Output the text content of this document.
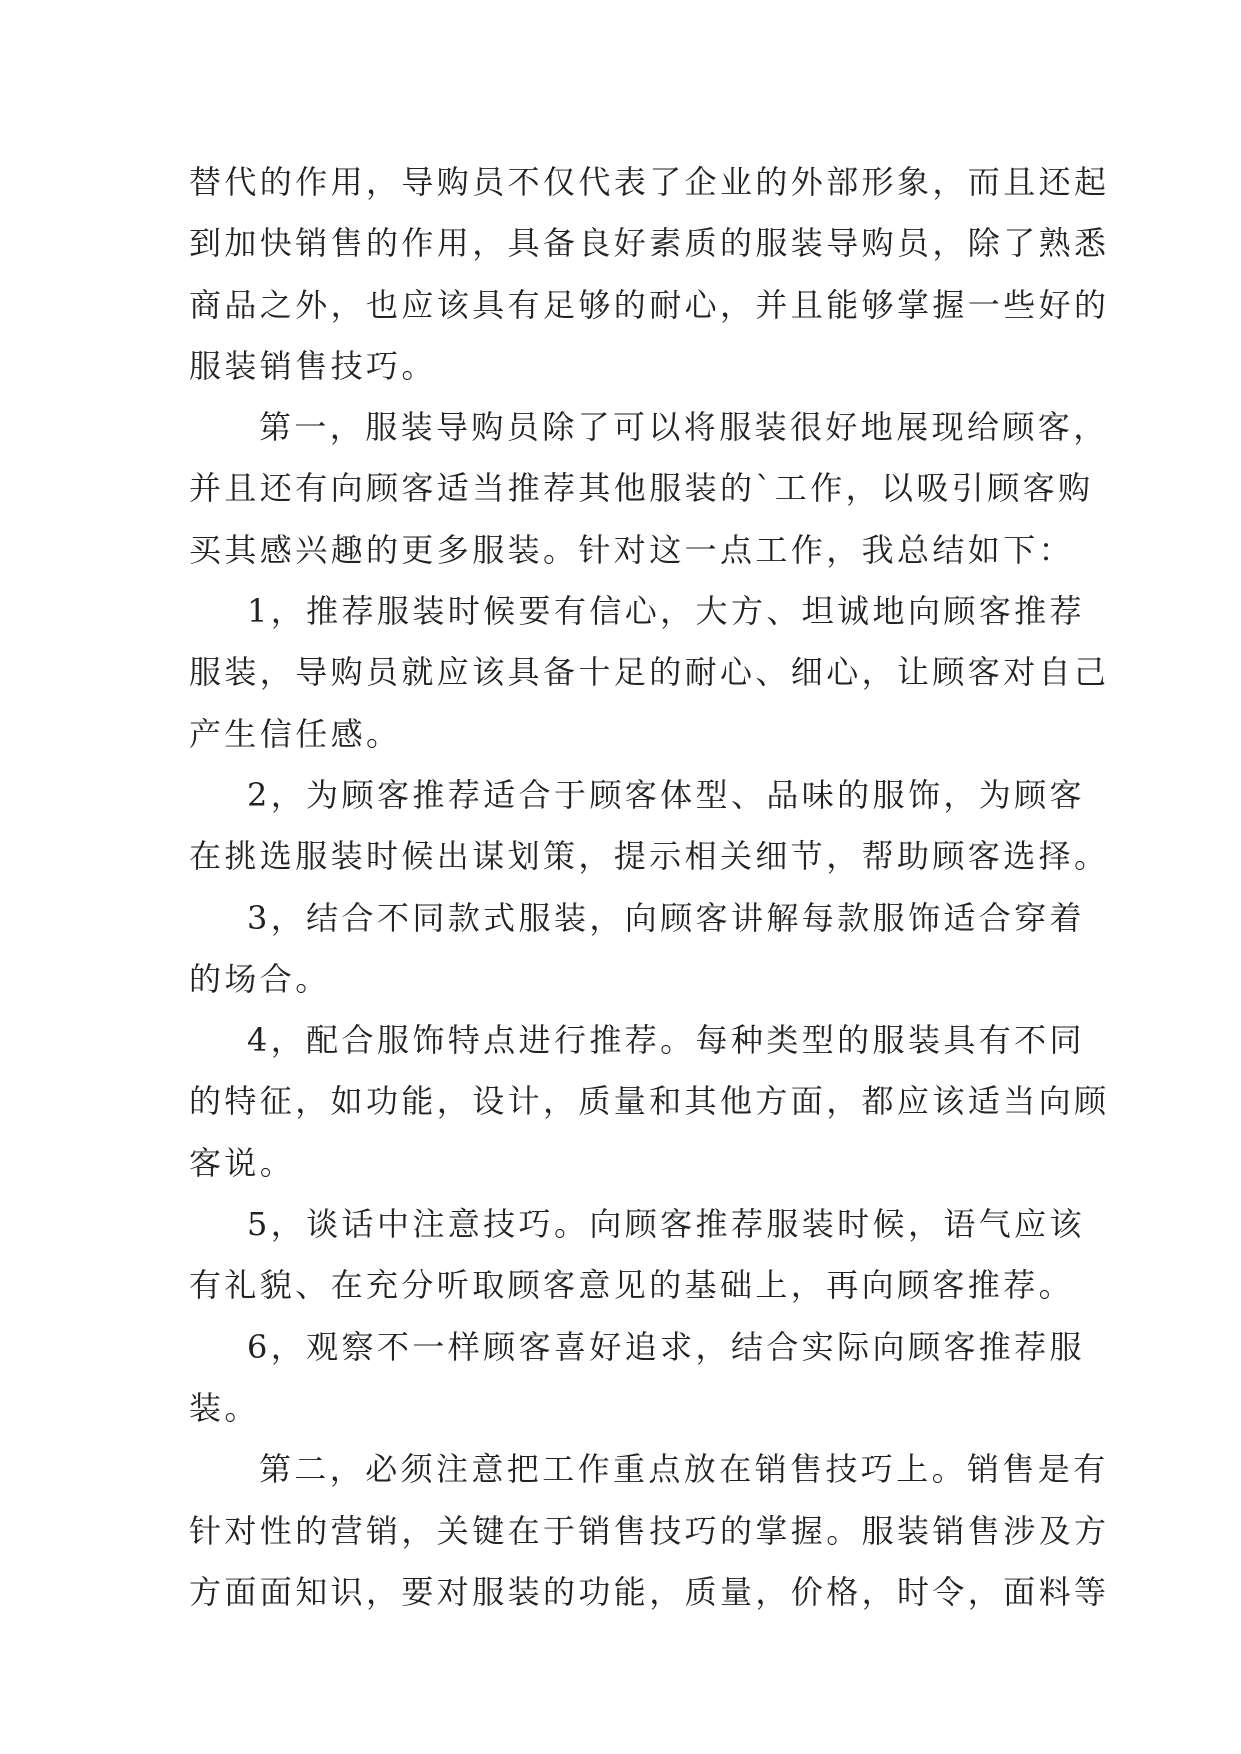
替代的作用，导购员不仅代表了企业的外部形象，而且还起
到加快销售的作用，具备良好素质的服装导购员，除了熟悉
商品之外，也应该具有足够的耐心，并且能够掌握一些好的
服装销售技巧。

第一，服装导购员除了可以将服装很好地展现给顾客，
并且还有向顾客适当推荐其他服装的`工作，以吸引顾客购
买其感兴趣的更多服装。针对这一点工作，我总结如下：

1，推荐服装时候要有信心，大方、坦诚地向顾客推荐
服装，导购员就应该具备十足的耐心、细心，让顾客对自己
产生信任感。

2，为顾客推荐适合于顾客体型、品味的服饰，为顾客
在挑选服装时候出谋划策，提示相关细节，帮助顾客选择。

3，结合不同款式服装，向顾客讲解每款服饰适合穿着
的场合。

4，配合服饰特点进行推荐。每种类型的服装具有不同
的特征，如功能，设计，质量和其他方面，都应该适当向顾
客说。

5，谈话中注意技巧。向顾客推荐服装时候，语气应该
有礼貌、在充分听取顾客意见的基础上，再向顾客推荐。

6，观察不一样顾客喜好追求，结合实际向顾客推荐服
装。

第二，必须注意把工作重点放在销售技巧上。销售是有
针对性的营销，关键在于销售技巧的掌握。服装销售涉及方
方面面知识，要对服装的功能，质量，价格，时令，面料等
